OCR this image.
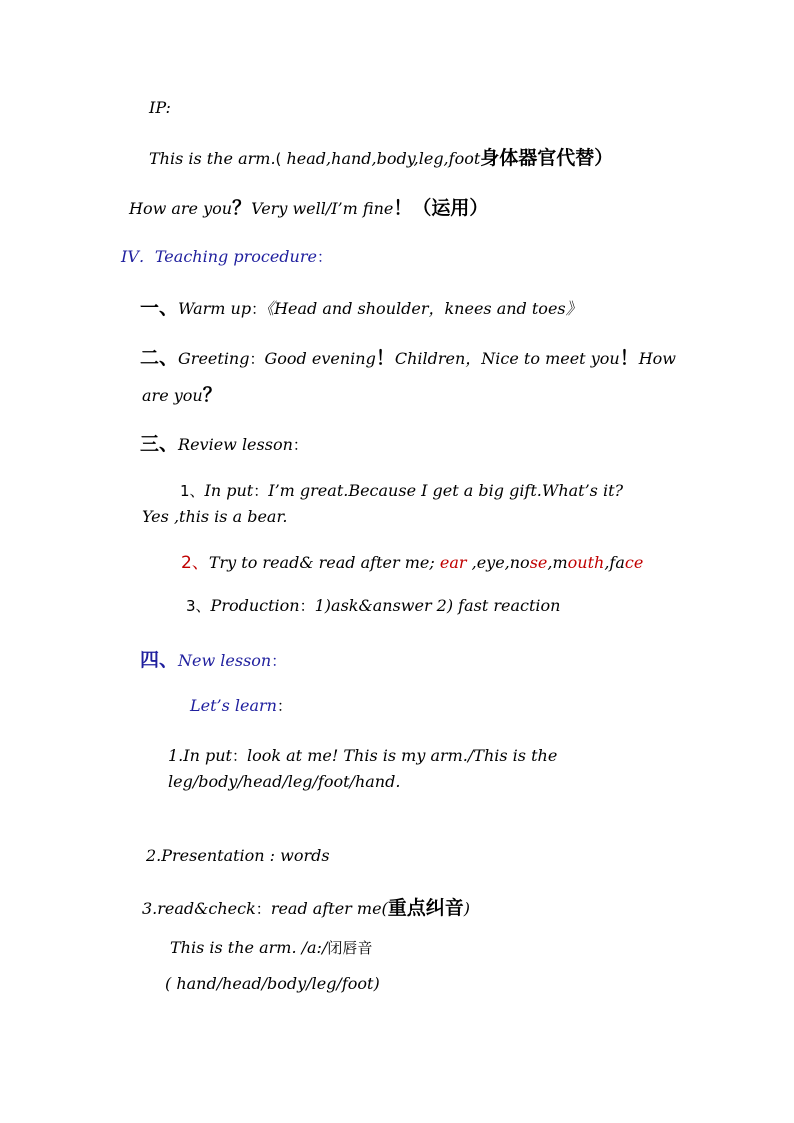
IP:
This is the arm.( head,hand,body,leg,foot身体器官代替）
How are you？Very well/I’m fine！（运用）
IV．Teaching procedure：
一、Warm up：《Head and shoulder，knees and toes》
二、Greeting：Good evening！Children，Nice to meet you！How
are you？
三、Review lesson：
1、In put：I’m great.Because I get a big gift.What’s it?
Yes ,this is a bear.
2、Try to read& read after me; ear ,eye,nose,mouth,face
3、Production：1)ask&answer 2) fast reaction
四、New lesson：
Let’s learn：
1.In put：look at me! This is my arm./This is the
leg/body/head/leg/foot/hand.
2.Presentation : words
3.read&check：read after me(重点纠音)
This is the arm. /a:/闭唇音
( hand/head/body/leg/foot)
